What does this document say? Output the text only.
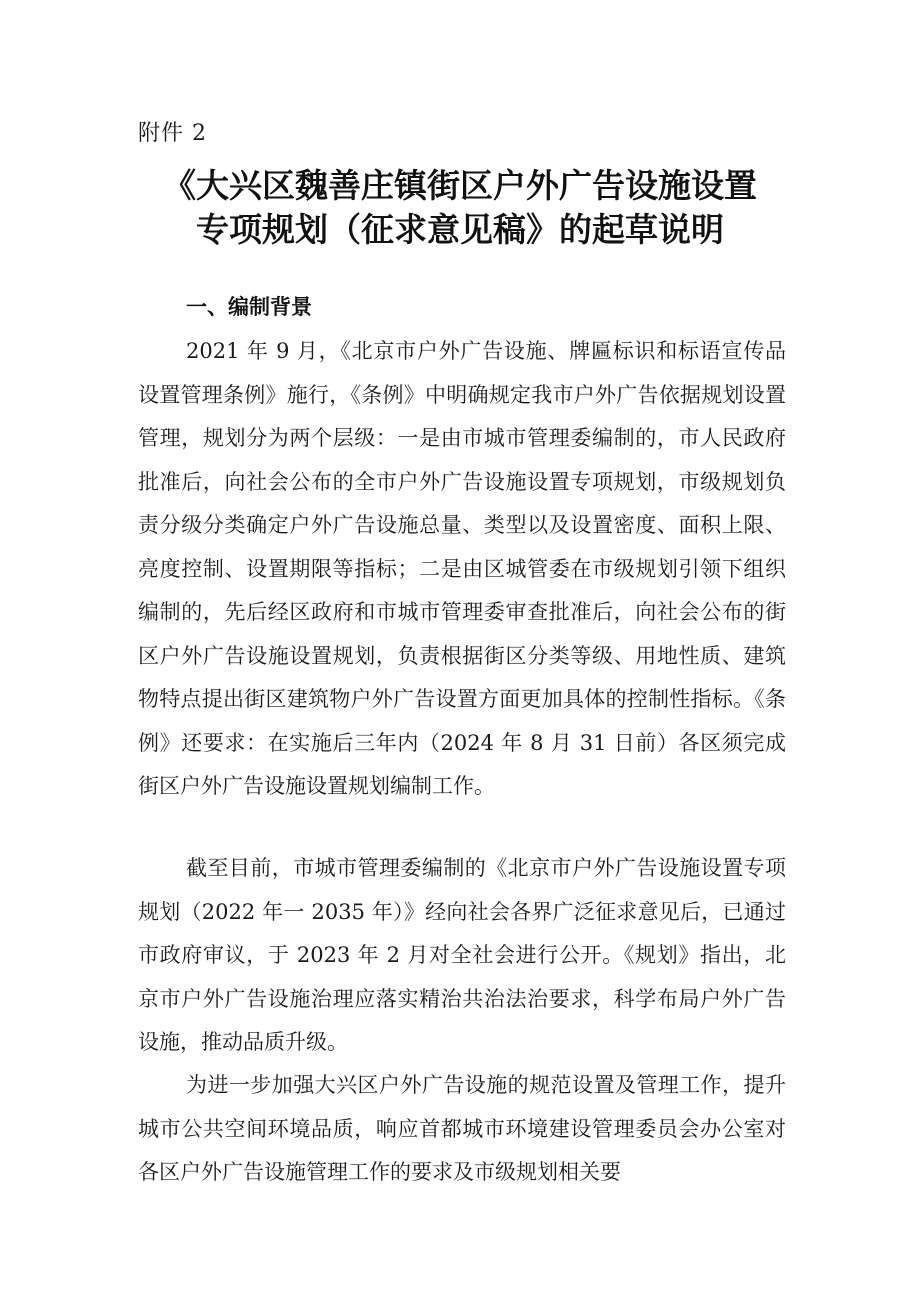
附件 2
《大兴区魏善庄镇街区户外广告设施设置
专项规划（征求意见稿》的起草说明
一、编制背景

2021 年 9 月，《北京市户外广告设施、牌匾标识和标语宣传品设置管理条例》施行，《条例》中明确规定我市户外广告依据规划设置管理，规划分为两个层级：一是由市城市管理委编制的，市人民政府批准后，向社会公布的全市户外广告设施设置专项规划，市级规划负责分级分类确定户外广告设施总量、类型以及设置密度、面积上限、亮度控制、设置期限等指标；二是由区城管委在市级规划引领下组织编制的，先后经区政府和市城市管理委审查批准后，向社会公布的街区户外广告设施设置规划，负责根据街区分类等级、用地性质、建筑物特点提出街区建筑物户外广告设置方面更加具体的控制性指标。《条例》还要求：在实施后三年内（2024 年 8 月 31 日前）各区须完成街区户外广告设施设置规划编制工作。

截至目前，市城市管理委编制的《北京市户外广告设施设置专项规划（2022 年一 2035 年）》经向社会各界广泛征求意见后，已通过市政府审议，于 2023 年 2 月对全社会进行公开。《规划》指出，北京市户外广告设施治理应落实精治共治法治要求，科学布局户外广告设施，推动品质升级。

为进一步加强大兴区户外广告设施的规范设置及管理工作，提升城市公共空间环境品质，响应首都城市环境建设管理委员会办公室对各区户外广告设施管理工作的要求及市级规划相关要
